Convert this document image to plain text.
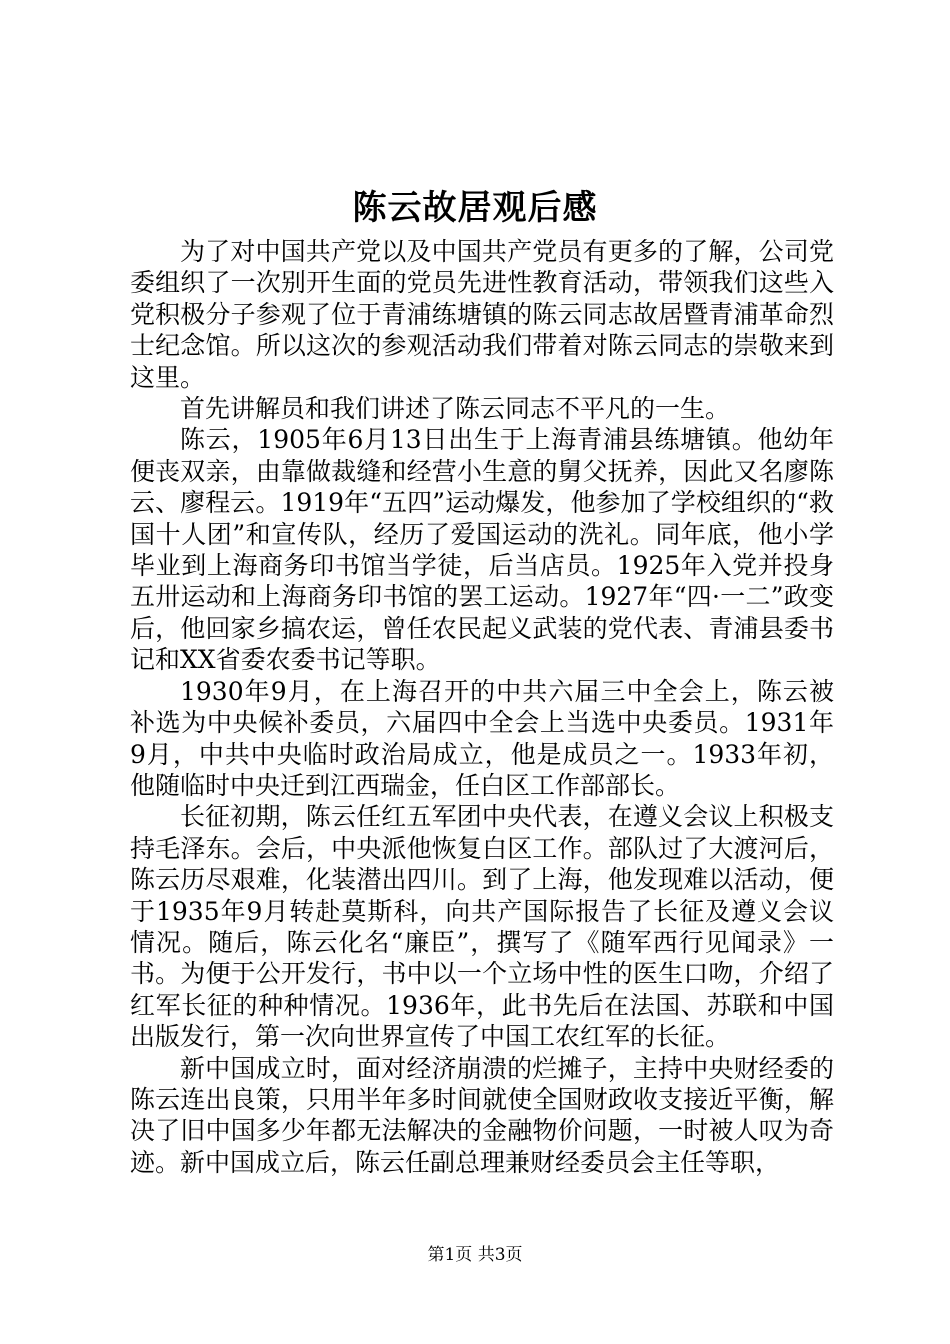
陈云故居观后感

为了对中国共产党以及中国共产党员有更多的了解，公司党委组织了一次别开生面的党员先进性教育活动，带领我们这些入党积极分子参观了位于青浦练塘镇的陈云同志故居暨青浦革命烈士纪念馆。所以这次的参观活动我们带着对陈云同志的崇敬来到这里。

首先讲解员和我们讲述了陈云同志不平凡的一生。

陈云，1905年6月13日出生于上海青浦县练塘镇。他幼年便丧双亲，由靠做裁缝和经营小生意的舅父抚养，因此又名廖陈云、廖程云。1919年“五四”运动爆发，他参加了学校组织的“救国十人团”和宣传队，经历了爱国运动的洗礼。同年底，他小学毕业到上海商务印书馆当学徒，后当店员。1925年入党并投身五卅运动和上海商务印书馆的罢工运动。1927年“四·一二”政变后，他回家乡搞农运，曾任农民起义武装的党代表、青浦县委书记和XX省委农委书记等职。

1930年9月，在上海召开的中共六届三中全会上，陈云被补选为中央候补委员，六届四中全会上当选中央委员。1931年9月，中共中央临时政治局成立，他是成员之一。1933年初，他随临时中央迁到江西瑞金，任白区工作部部长。

长征初期，陈云任红五军团中央代表，在遵义会议上积极支持毛泽东。会后，中央派他恢复白区工作。部队过了大渡河后，陈云历尽艰难，化装潜出四川。到了上海，他发现难以活动，便于1935年9月转赴莫斯科，向共产国际报告了长征及遵义会议情况。随后，陈云化名“廉臣”，撰写了《随军西行见闻录》一书。为便于公开发行，书中以一个立场中性的医生口吻，介绍了红军长征的种种情况。1936年，此书先后在法国、苏联和中国出版发行，第一次向世界宣传了中国工农红军的长征。

新中国成立时，面对经济崩溃的烂摊子，主持中央财经委的陈云连出良策，只用半年多时间就使全国财政收支接近平衡，解决了旧中国多少年都无法解决的金融物价问题，一时被人叹为奇迹。新中国成立后，陈云任副总理兼财经委员会主任等职，

第1页 共3页
